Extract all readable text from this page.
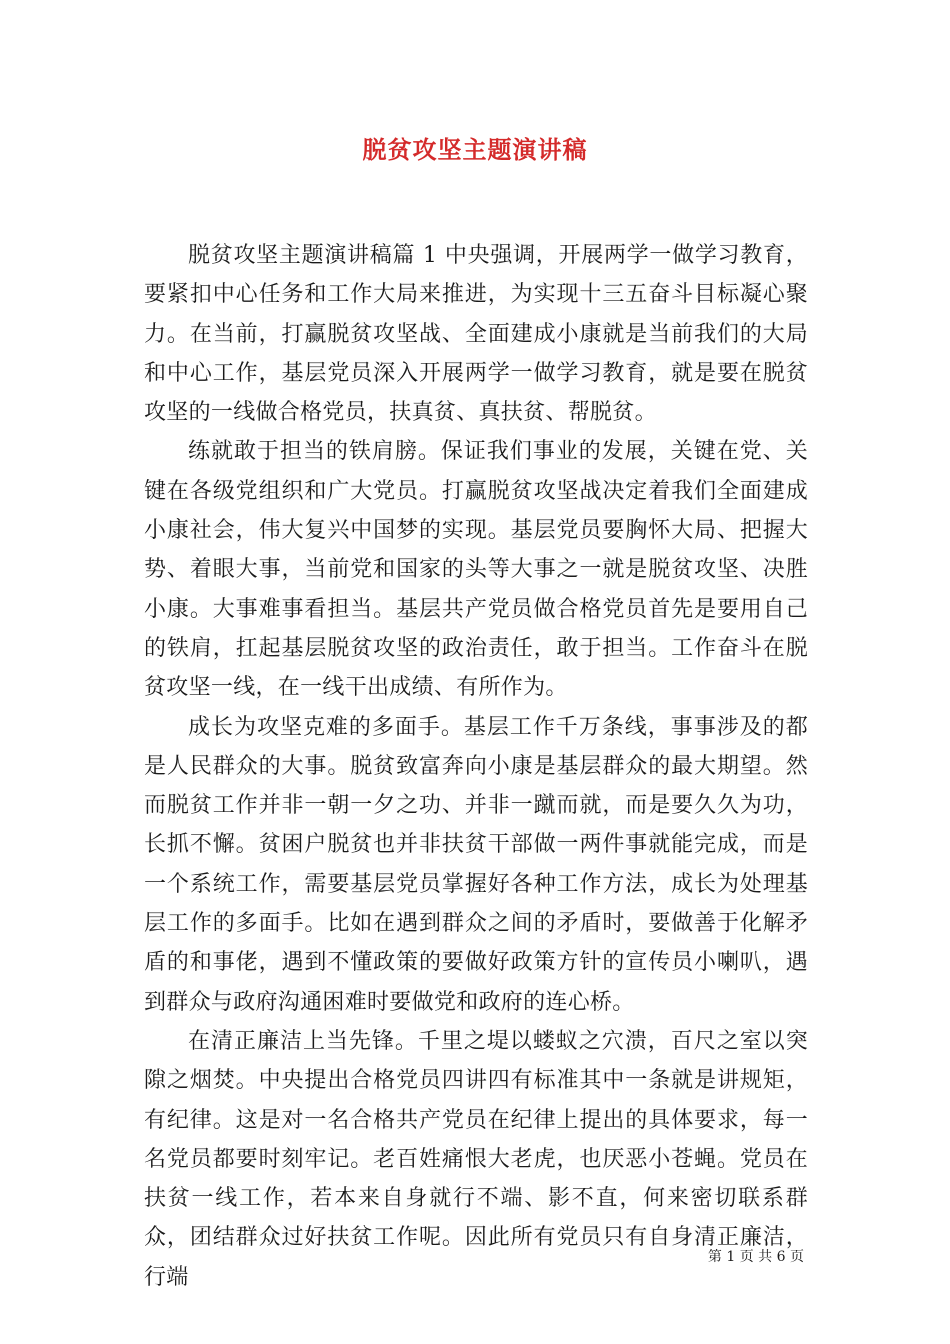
脱贫攻坚主题演讲稿

脱贫攻坚主题演讲稿篇 1 中央强调，开展两学一做学习教育，要紧扣中心任务和工作大局来推进，为实现十三五奋斗目标凝心聚力。在当前，打赢脱贫攻坚战、全面建成小康就是当前我们的大局和中心工作，基层党员深入开展两学一做学习教育，就是要在脱贫攻坚的一线做合格党员，扶真贫、真扶贫、帮脱贫。

练就敢于担当的铁肩膀。保证我们事业的发展，关键在党、关键在各级党组织和广大党员。打赢脱贫攻坚战决定着我们全面建成小康社会，伟大复兴中国梦的实现。基层党员要胸怀大局、把握大势、着眼大事，当前党和国家的头等大事之一就是脱贫攻坚、决胜小康。大事难事看担当。基层共产党员做合格党员首先是要用自己的铁肩，扛起基层脱贫攻坚的政治责任，敢于担当。工作奋斗在脱贫攻坚一线，在一线干出成绩、有所作为。

成长为攻坚克难的多面手。基层工作千万条线，事事涉及的都是人民群众的大事。脱贫致富奔向小康是基层群众的最大期望。然而脱贫工作并非一朝一夕之功、并非一蹴而就，而是要久久为功，长抓不懈。贫困户脱贫也并非扶贫干部做一两件事就能完成，而是一个系统工作，需要基层党员掌握好各种工作方法，成长为处理基层工作的多面手。比如在遇到群众之间的矛盾时，要做善于化解矛盾的和事佬，遇到不懂政策的要做好政策方针的宣传员小喇叭，遇到群众与政府沟通困难时要做党和政府的连心桥。

在清正廉洁上当先锋。千里之堤以蝼蚁之穴溃，百尺之室以突隙之烟焚。中央提出合格党员四讲四有标准其中一条就是讲规矩，有纪律。这是对一名合格共产党员在纪律上提出的具体要求，每一名党员都要时刻牢记。老百姓痛恨大老虎，也厌恶小苍蝇。党员在扶贫一线工作，若本来自身就行不端、影不直，何来密切联系群众，团结群众过好扶贫工作呢。因此所有党员只有自身清正廉洁，行端

第 1 页 共 6 页
